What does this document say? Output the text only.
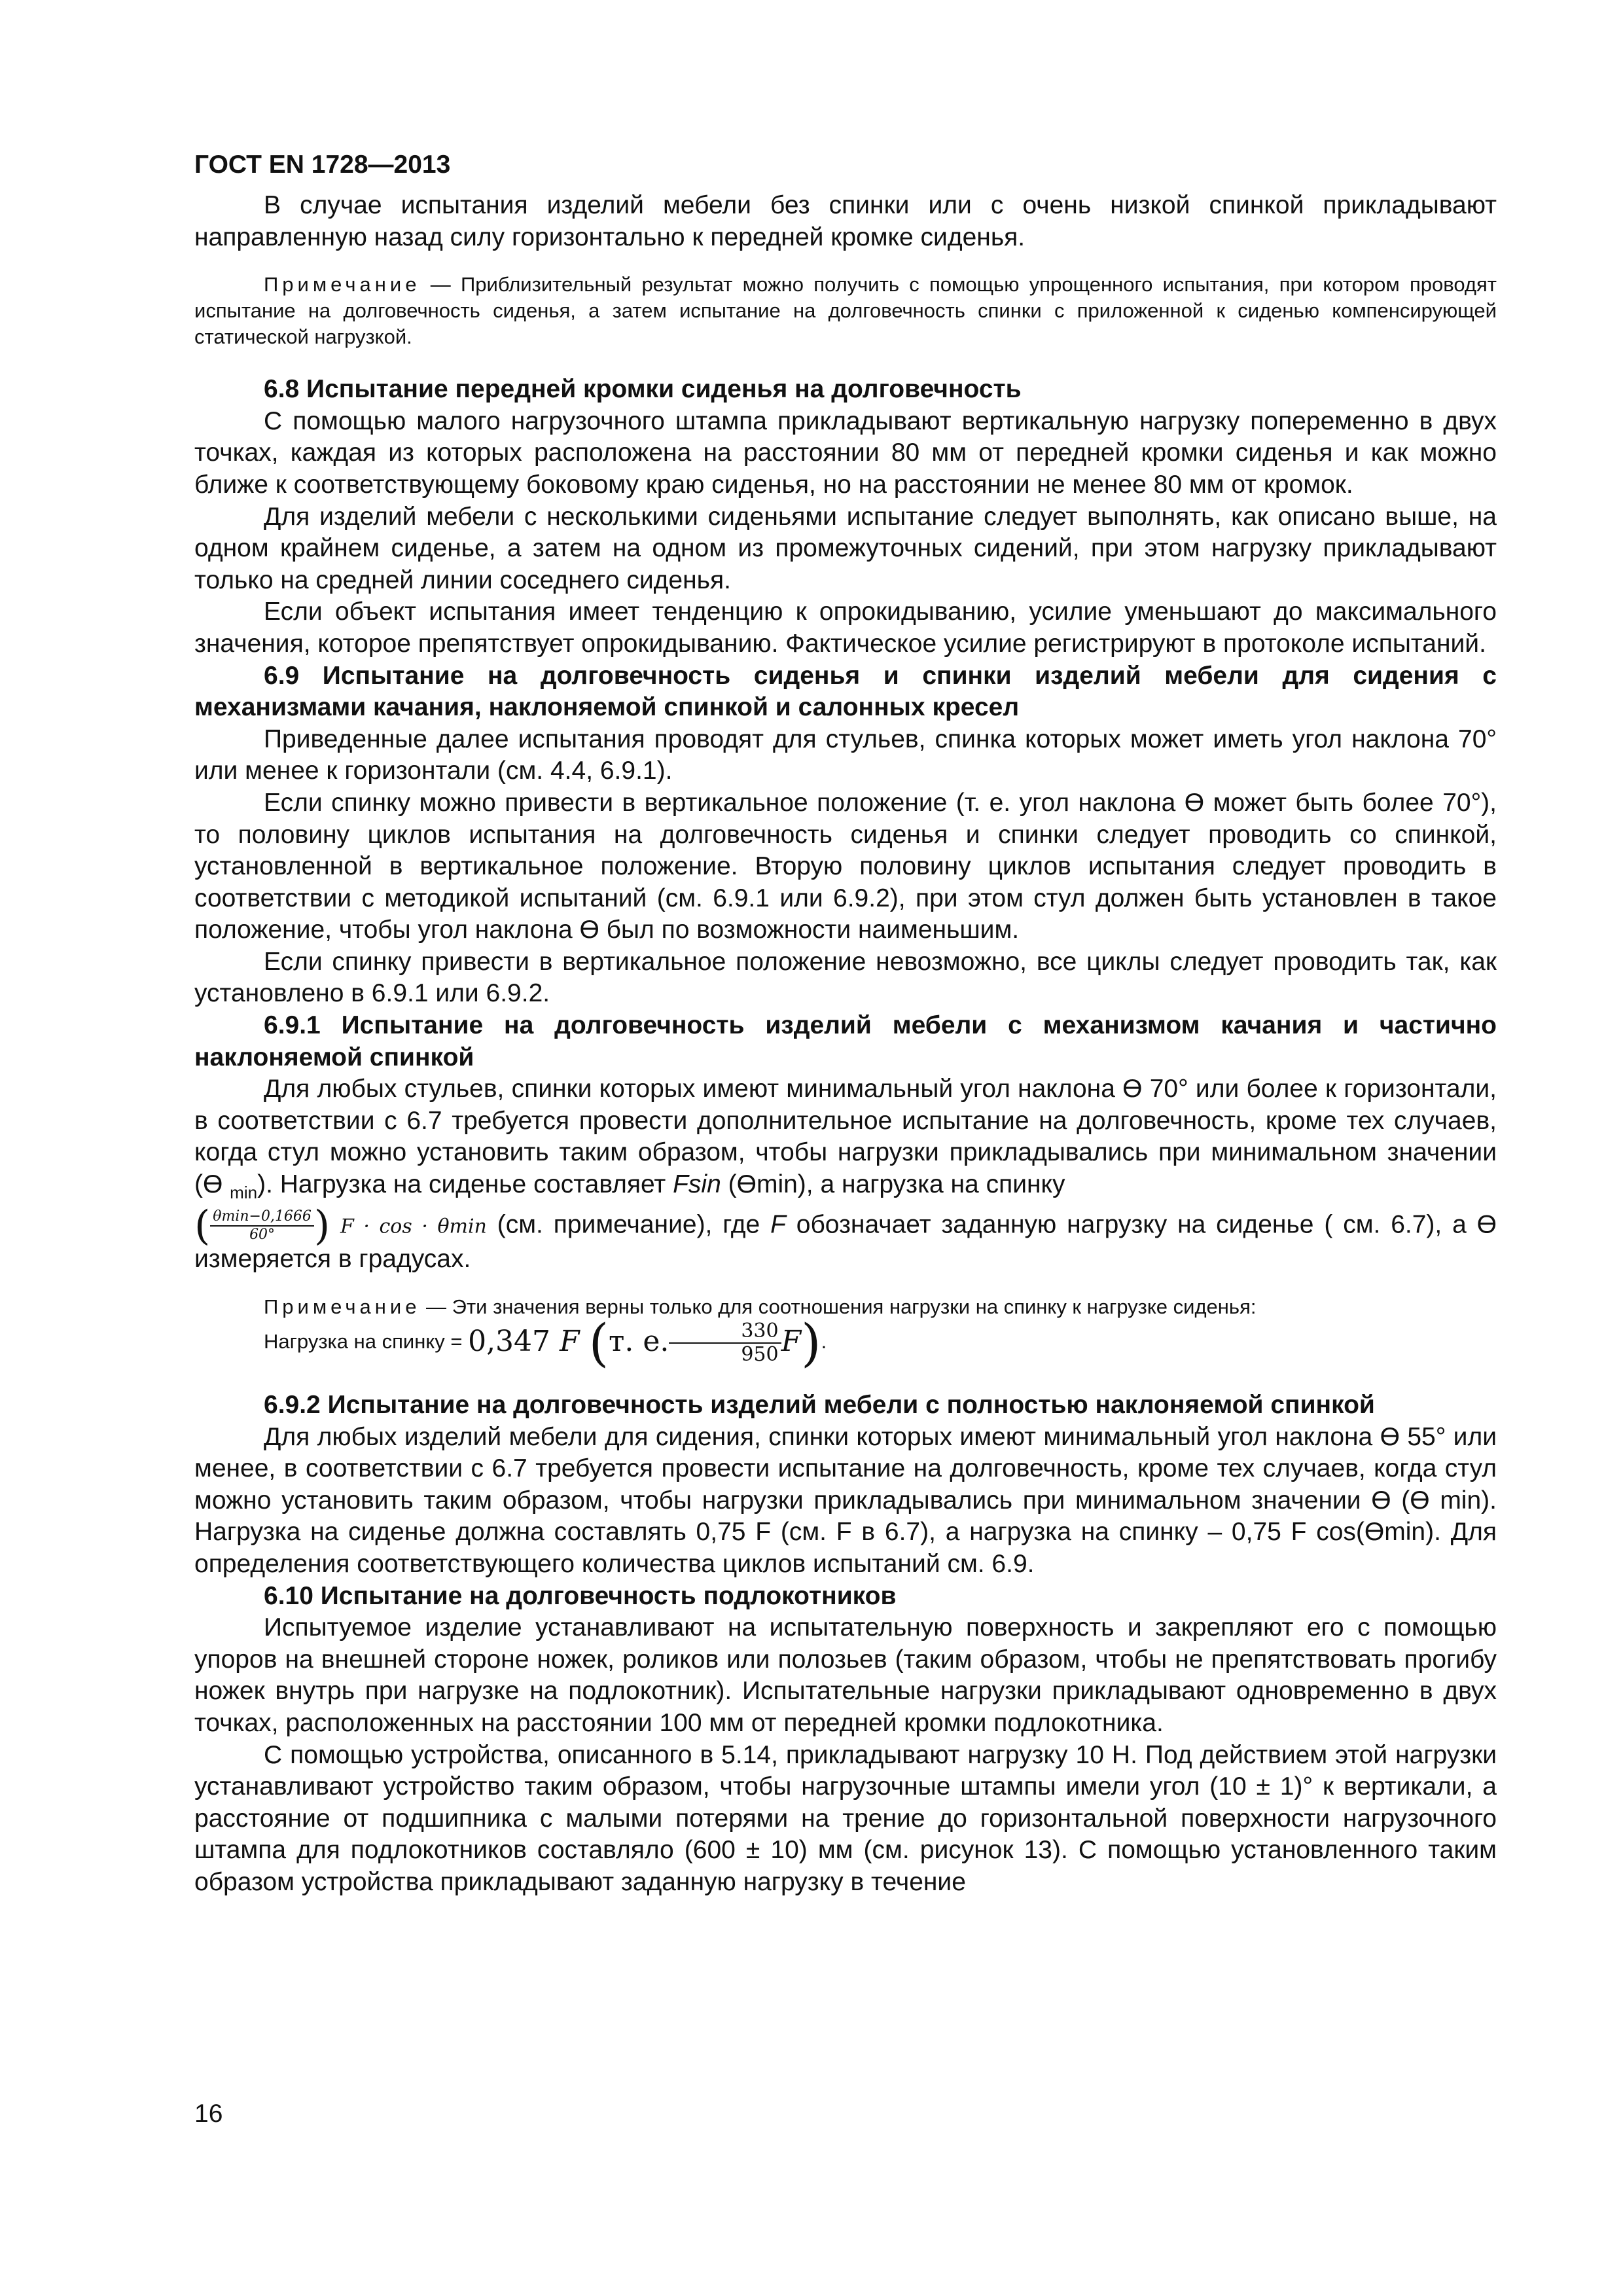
ГОСТ EN 1728—2013

В случае испытания изделий мебели без спинки или с очень низкой спинкой прикладывают направленную назад силу горизонтально к передней кромке сиденья.

Примечание — Приблизительный результат можно получить с помощью упрощенного испытания, при котором проводят испытание на долговечность сиденья, а затем испытание на долговечность спинки с приложенной к сиденью компенсирующей статической нагрузкой.

6.8 Испытание передней кромки сиденья на долговечность

С помощью малого нагрузочного штампа прикладывают вертикальную нагрузку попеременно в двух точках, каждая из которых расположена на расстоянии 80 мм от передней кромки сиденья и как можно ближе к соответствующему боковому краю сиденья, но на расстоянии не менее 80 мм от кромок.

Для изделий мебели с несколькими сиденьями испытание следует выполнять, как описано выше, на одном крайнем сиденье, а затем на одном из промежуточных сидений, при этом нагрузку прикладывают только на средней линии соседнего сиденья.

Если объект испытания имеет тенденцию к опрокидыванию, усилие уменьшают до максимального значения, которое препятствует опрокидыванию. Фактическое усилие регистрируют в протоколе испытаний.

6.9 Испытание на долговечность сиденья и спинки изделий мебели для сидения с механизмами качания, наклоняемой спинкой и салонных кресел

Приведенные далее испытания проводят для стульев, спинка которых может иметь угол наклона 70° или менее к горизонтали (см. 4.4, 6.9.1).

Если спинку можно привести в вертикальное положение (т. е. угол наклона ϴ может быть более 70°), то половину циклов испытания на долговечность сиденья и спинки следует проводить со спинкой, установленной в вертикальное положение. Вторую половину циклов испытания следует проводить в соответствии с методикой испытаний (см. 6.9.1 или 6.9.2), при этом стул должен быть установлен в такое положение, чтобы угол наклона ϴ был по возможности наименьшим.

Если спинку привести в вертикальное положение невозможно, все циклы следует проводить так, как установлено в 6.9.1 или 6.9.2.

6.9.1 Испытание на долговечность изделий мебели с механизмом качания и частично наклоняемой спинкой

Для любых стульев, спинки которых имеют минимальный угол наклона ϴ 70° или более к горизонтали, в соответствии с 6.7 требуется провести дополнительное испытание на долговечность, кроме тех случаев, когда стул можно установить таким образом, чтобы нагрузки прикладывались при минимальном значении (ϴ $_{min}$). Нагрузка на сиденье составляет Fsin (ϴmin), а нагрузка на спинку

( $\frac{\theta\min-0,1666}{60^\circ}$ ) F · cos · θmin (см. примечание), где F обозначает заданную нагрузку на сиденье ( см. 6.7), а ϴ измеряется в градусах.

Примечание — Эти значения верны только для соотношения нагрузки на спинку к нагрузке сиденья:

Нагрузка на спинку = 0,347 F (т. е. $\frac{330}{950} F$).

6.9.2 Испытание на долговечность изделий мебели с полностью наклоняемой спинкой

Для любых изделий мебели для сидения, спинки которых имеют минимальный угол наклона ϴ 55° или менее, в соответствии с 6.7 требуется провести испытание на долговечность, кроме тех случаев, когда стул можно установить таким образом, чтобы нагрузки прикладывались при минимальном значении ϴ (ϴ min). Нагрузка на сиденье должна составлять 0,75 F (см. F в 6.7), а нагрузка на спинку – 0,75 F cos(ϴmin). Для определения соответствующего количества циклов испытаний см. 6.9.

6.10 Испытание на долговечность подлокотников

Испытуемое изделие устанавливают на испытательную поверхность и закрепляют его с помощью упоров на внешней стороне ножек, роликов или полозьев (таким образом, чтобы не препятствовать прогибу ножек внутрь при нагрузке на подлокотник). Испытательные нагрузки прикладывают одновременно в двух точках, расположенных на расстоянии 100 мм от передней кромки подлокотника.

С помощью устройства, описанного в 5.14, прикладывают нагрузку 10 Н. Под действием этой нагрузки устанавливают устройство таким образом, чтобы нагрузочные штампы имели угол (10 ± 1)° к вертикали, а расстояние от подшипника с малыми потерями на трение до горизонтальной поверхности нагрузочного штампа для подлокотников составляло (600 ± 10) мм (см. рисунок 13). С помощью установленного таким образом устройства прикладывают заданную нагрузку в течение

16
